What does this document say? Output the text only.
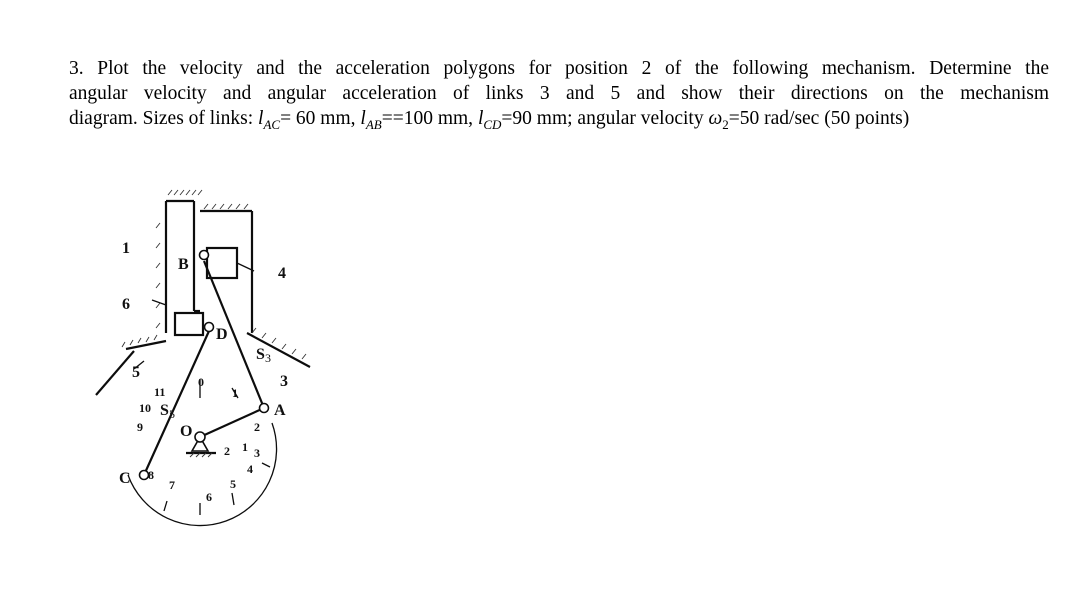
3. Plot the velocity and the acceleration polygons for position 2 of the following mechanism. Determine the
angular velocity and angular acceleration of links 3 and 5 and show their directions on the mechanism
diagram. Sizes of links: $l_{AC}= 60$ mm, $l_{AB}==100$ mm, $l_{CD}=90$ mm; angular velocity $\omega_2=50$ rad/sec (50 points)
B
D
A
C
O
S 3
S 5
1
4
6
5
3
0
1
2
3
4
5
6
7
8
9
10
11
2 1
